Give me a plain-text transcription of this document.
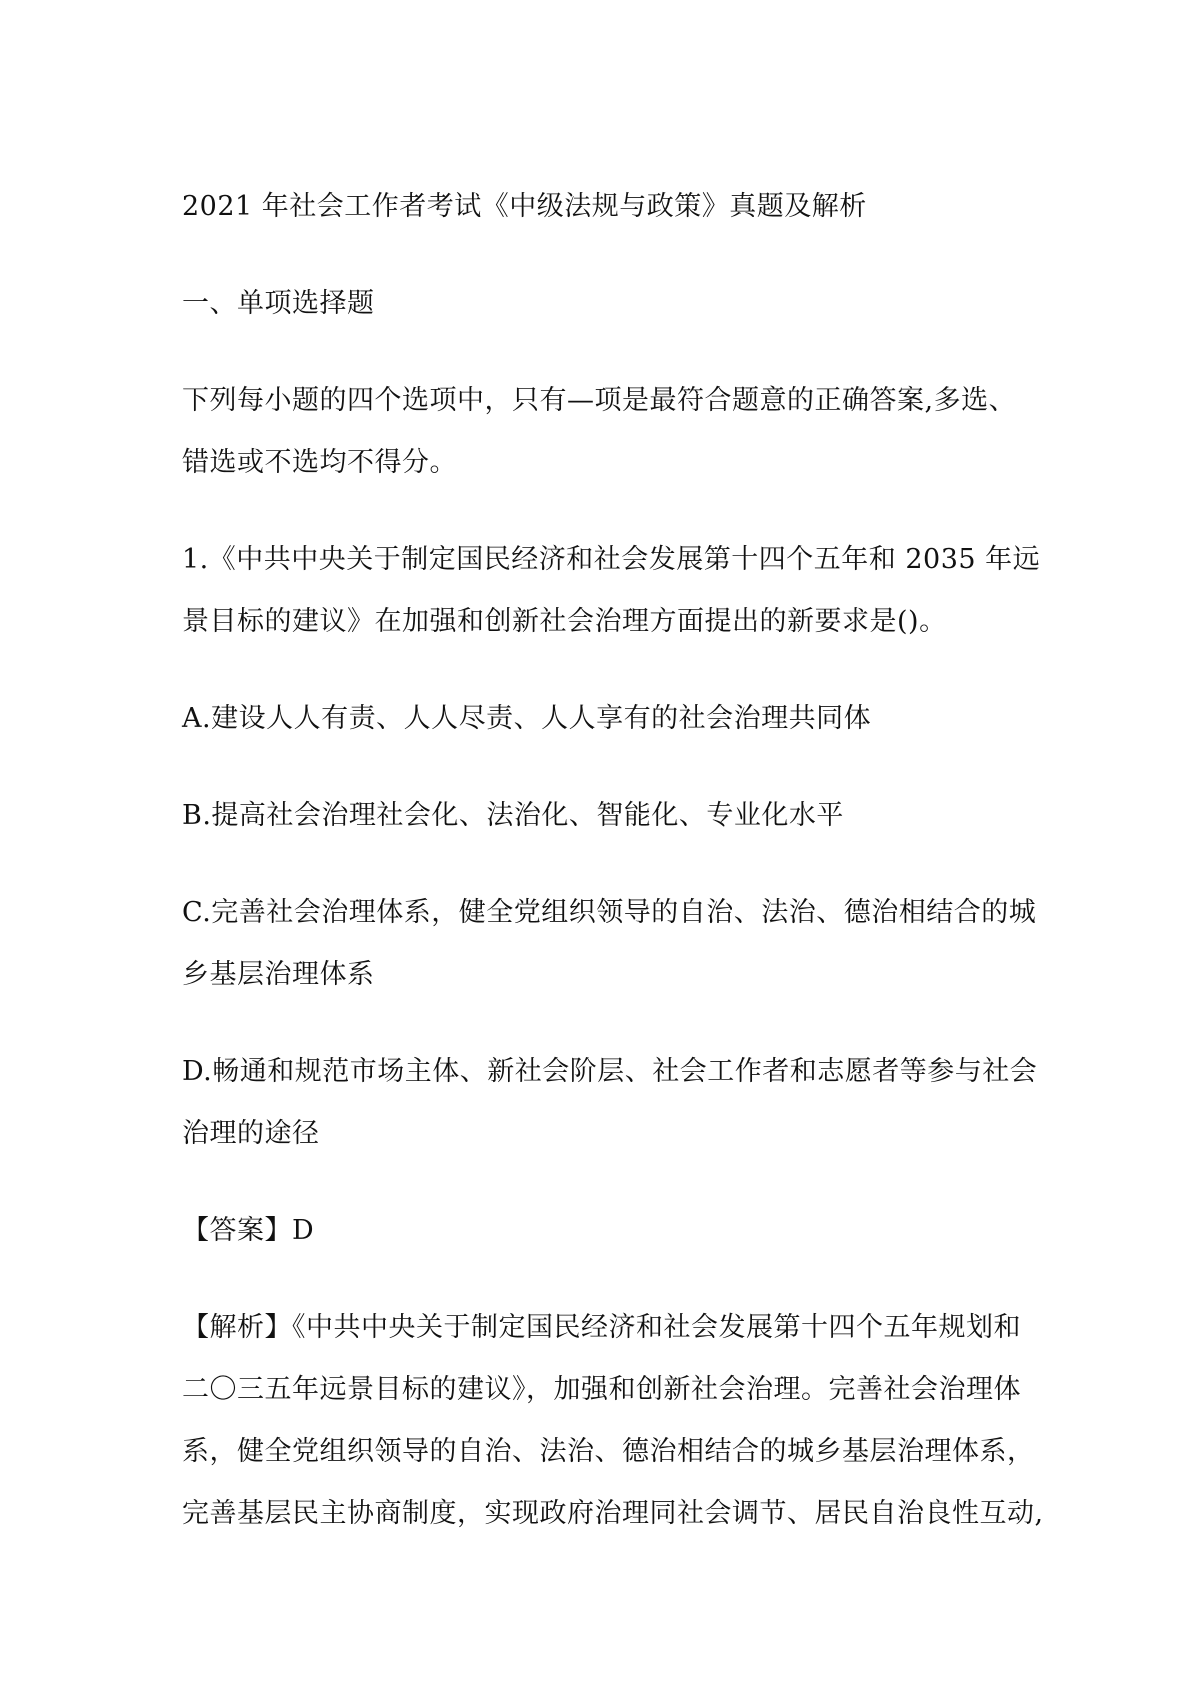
2021 年社会工作者考试《中级法规与政策》真题及解析

一、单项选择题

下列每小题的四个选项中，只有—项是最符合题意的正确答案,多选、

错选或不选均不得分。

1.《中共中央关于制定国民经济和社会发展第十四个五年和 2035 年远

景目标的建议》在加强和创新社会治理方面提出的新要求是()。

A.建设人人有责、人人尽责、人人享有的社会治理共同体

B.提高社会治理社会化、法治化、智能化、专业化水平

C.完善社会治理体系，健全党组织领导的自治、法治、德治相结合的城

乡基层治理体系

D.畅通和规范市场主体、新社会阶层、社会工作者和志愿者等参与社会

治理的途径

【答案】D

【解析】《中共中央关于制定国民经济和社会发展第十四个五年规划和

二〇三五年远景目标的建议》，加强和创新社会治理。完善社会治理体

系，健全党组织领导的自治、法治、德治相结合的城乡基层治理体系，

完善基层民主协商制度，实现政府治理同社会调节、居民自治良性互动,
